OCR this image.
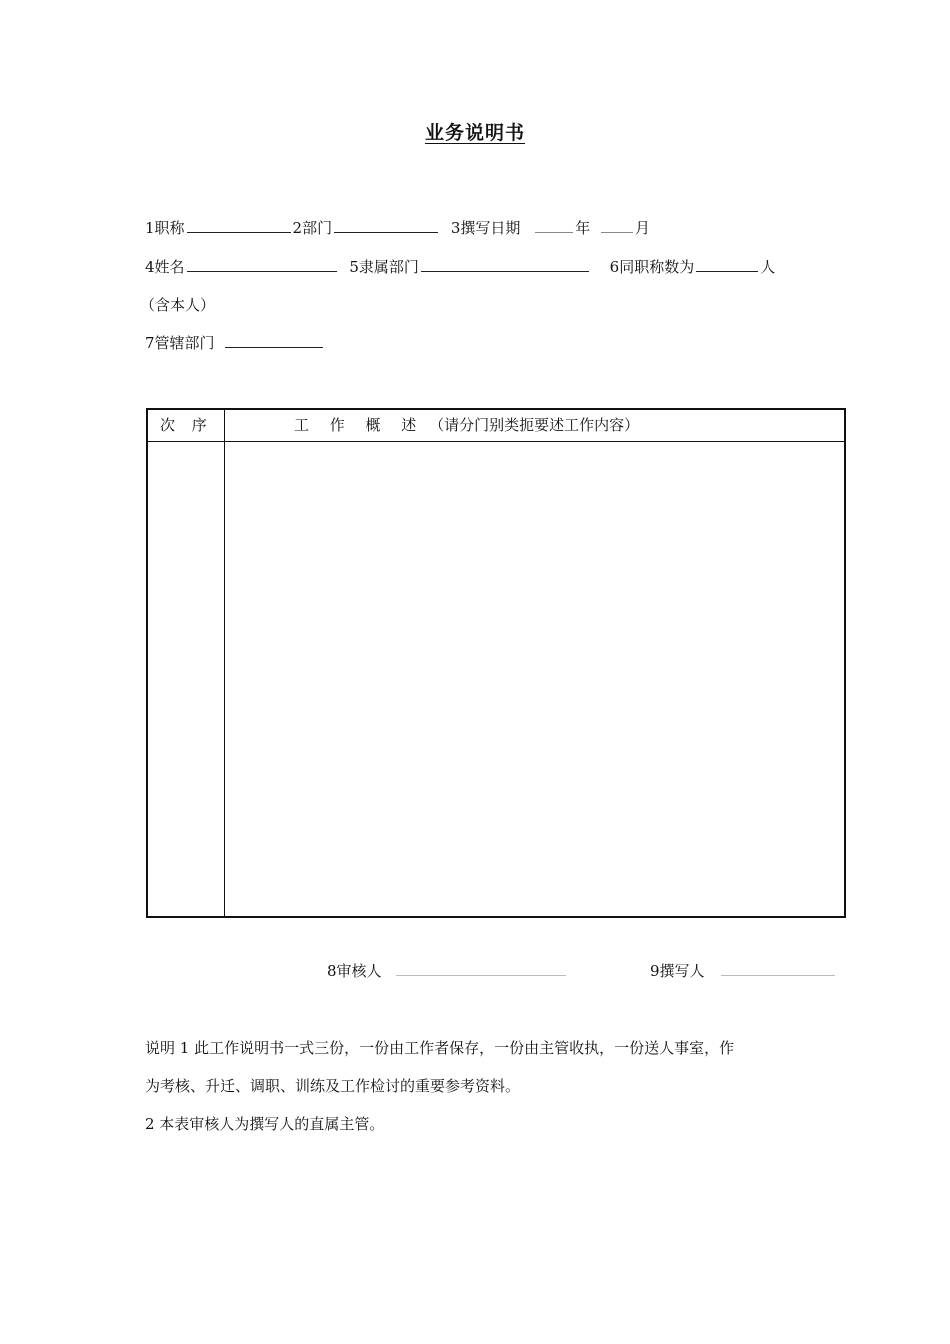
业务说明书
1职称	2部门	3撰写日期	年	月
4姓名	5隶属部门	6同职称数为	人
（含本人）
7管辖部门
次 序	工 作 概 述 （请分门别类扼要述工作内容）
8审核人	9撰写人
说明 1 此工作说明书一式三份，一份由工作者保存，一份由主管收执，一份送人事室，作
为考核、升迁、调职、训练及工作检讨的重要参考资料。
2 本表审核人为撰写人的直属主管。
